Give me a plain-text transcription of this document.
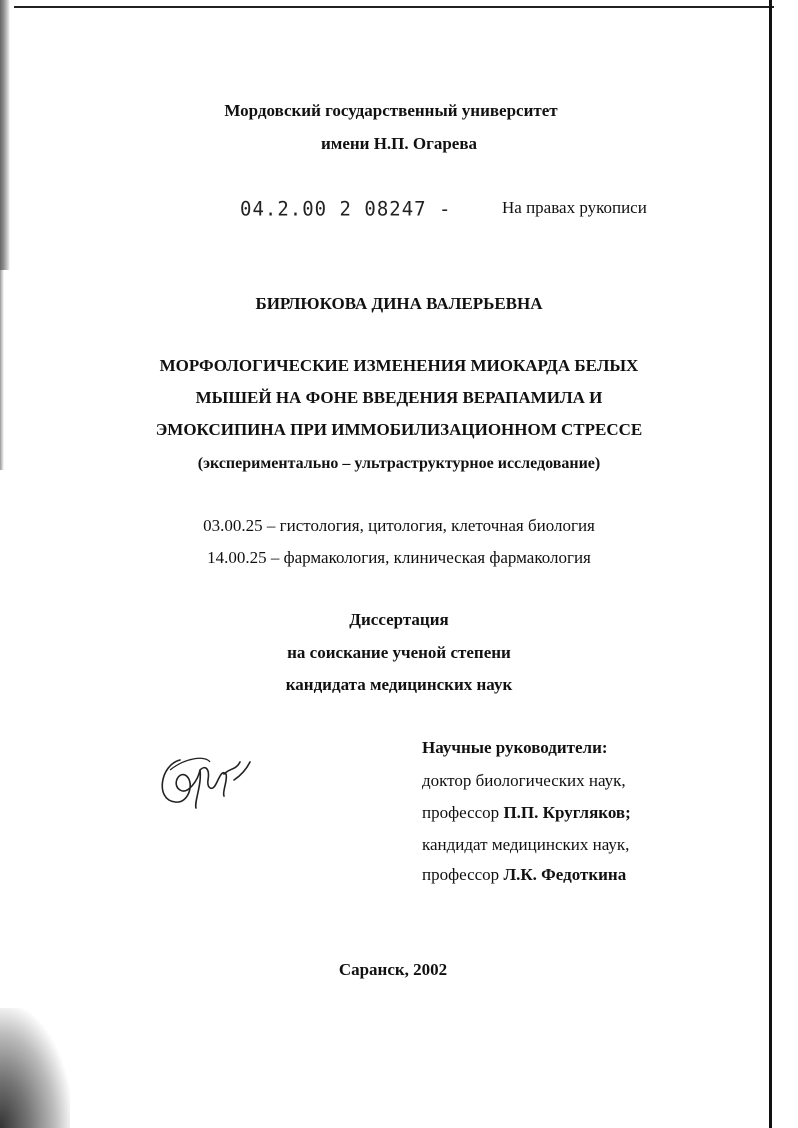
Мордовский государственный университет
имени Н.П. Огарева
04.2.00 2 08247 -	На правах рукописи
БИРЛЮКОВА ДИНА ВАЛЕРЬЕВНА
МОРФОЛОГИЧЕСКИЕ ИЗМЕНЕНИЯ МИОКАРДА БЕЛЫХ
МЫШЕЙ НА ФОНЕ ВВЕДЕНИЯ ВЕРАПАМИЛА И
ЭМОКСИПИНА ПРИ ИММОБИЛИЗАЦИОННОМ СТРЕССЕ
(экспериментально – ультраструктурное исследование)
03.00.25 – гистология, цитология, клеточная биология
14.00.25 – фармакология, клиническая фармакология
Диссертация
на соискание ученой степени
кандидата медицинских наук
Научные руководители:
доктор биологических наук,
профессор П.П. Кругляков;
кандидат медицинских наук,
профессор Л.К. Федоткина
Саранск, 2002
